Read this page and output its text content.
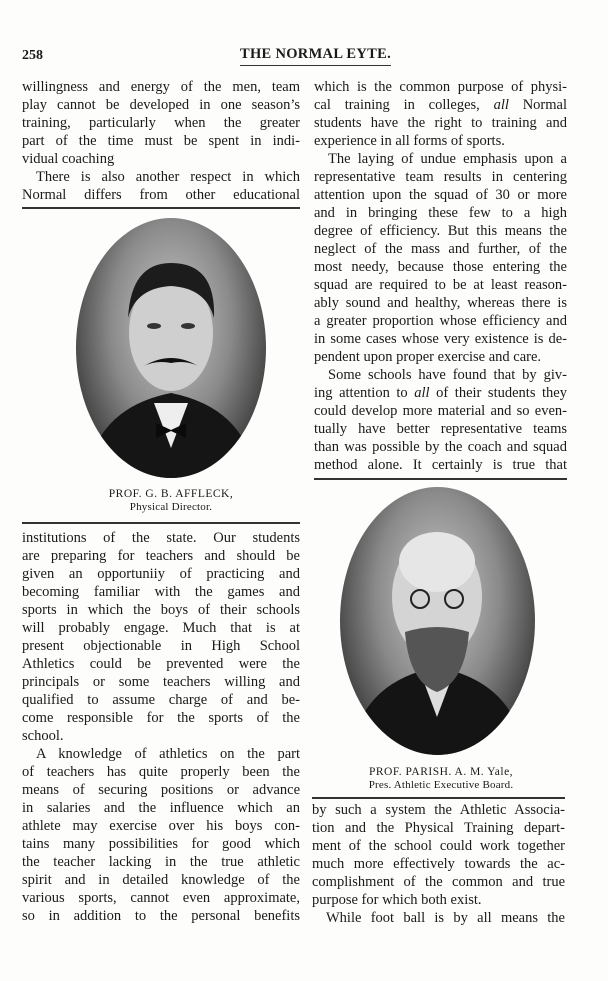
258	THE NORMAL EYTE.
willingness and energy of the men, team
play cannot be developed in one season’s
training, particularly when the greater
part of the time must be spent in indi-
vidual coaching
There is also another respect in which
Normal differs from other educational
PROF. G. B. AFFLECK,
Physical Director.
institutions of the state. Our students
are preparing for teachers and should be
given an opportuniiy of practicing and
becoming familiar with the games and
sports in which the boys of their schools
will probably engage. Much that is at
present objectionable in High School
Athletics could be prevented were the
principals or some teachers willing and
qualified to assume charge of and be-
come responsible for the sports of the
school.
A knowledge of athletics on the part
of teachers has quite properly been the
means of securing positions or advance
in salaries and the influence which an
athlete may exercise over his boys con-
tains many possibilities for good which
the teacher lacking in the true athletic
spirit and in detailed knowledge of the
various sports, cannot even approximate,
so in addition to the personal benefits
which is the common purpose of physi-
cal training in colleges, all Normal
students have the right to training and
experience in all forms of sports.
The laying of undue emphasis upon a
representative team results in centering
attention upon the squad of 30 or more
and in bringing these few to a high
degree of efficiency. But this means the
neglect of the mass and further, of the
most needy, because those entering the
squad are required to be at least reason-
ably sound and healthy, whereas there is
a greater proportion whose efficiency and
in some cases whose very existence is de-
pendent upon proper exercise and care.
Some schools have found that by giv-
ing attention to all of their students they
could develop more material and so even-
tually have better representative teams
than was possible by the coach and squad
method alone. It certainly is true that
PROF. PARISH. A. M. Yale,
Pres. Athletic Executive Board.
by such a system the Athletic Associa-
tion and the Physical Training depart-
ment of the school could work together
much more effectively towards the ac-
complishment of the common and true
purpose for which both exist.
While foot ball is by all means the
